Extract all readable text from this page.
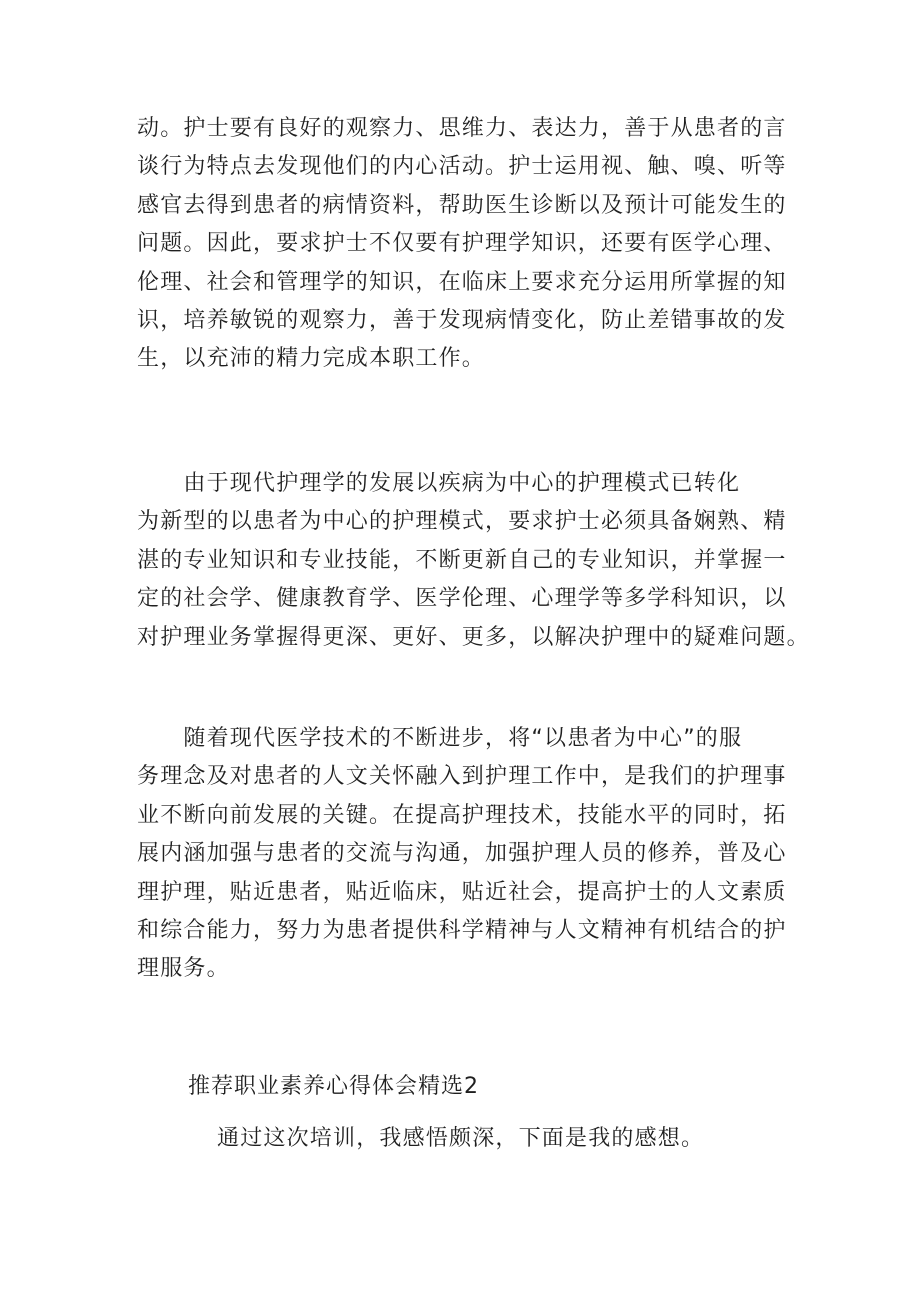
动。护士要有良好的观察力、思维力、表达力，善于从患者的言
谈行为特点去发现他们的内心活动。护士运用视、触、嗅、听等
感官去得到患者的病情资料，帮助医生诊断以及预计可能发生的
问题。因此，要求护士不仅要有护理学知识，还要有医学心理、
伦理、社会和管理学的知识，在临床上要求充分运用所掌握的知
识，培养敏锐的观察力，善于发现病情变化，防止差错事故的发
生，以充沛的精力完成本职工作。
　　由于现代护理学的发展以疾病为中心的护理模式已转化
为新型的以患者为中心的护理模式，要求护士必须具备娴熟、精
湛的专业知识和专业技能，不断更新自己的专业知识，并掌握一
定的社会学、健康教育学、医学伦理、心理学等多学科知识，以
对护理业务掌握得更深、更好、更多，以解决护理中的疑难问题。
　　随着现代医学技术的不断进步，将“以患者为中心”的服
务理念及对患者的人文关怀融入到护理工作中，是我们的护理事
业不断向前发展的关键。在提高护理技术，技能水平的同时，拓
展内涵加强与患者的交流与沟通，加强护理人员的修养，普及心
理护理，贴近患者，贴近临床，贴近社会，提高护士的人文素质
和综合能力，努力为患者提供科学精神与人文精神有机结合的护
理服务。
推荐职业素养心得体会精选2

通过这次培训，我感悟颇深，下面是我的感想。
